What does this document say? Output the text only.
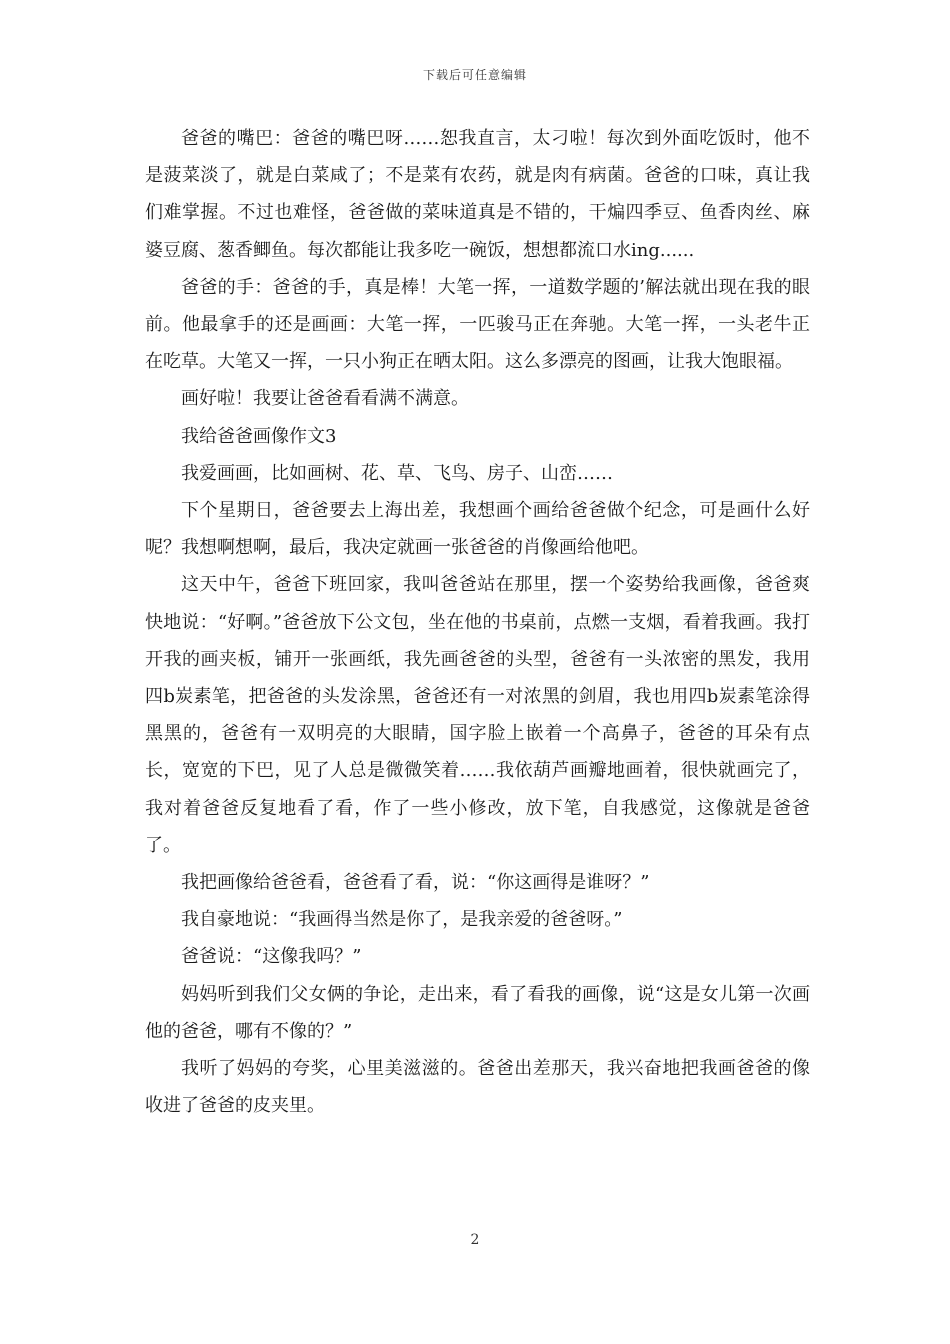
下载后可任意编辑

爸爸的嘴巴：爸爸的嘴巴呀……恕我直言，太刁啦！每次到外面吃饭时，他不是菠菜淡了，就是白菜咸了；不是菜有农药，就是肉有病菌。爸爸的口味，真让我们难掌握。不过也难怪，爸爸做的菜味道真是不错的，干煸四季豆、鱼香肉丝、麻婆豆腐、葱香鲫鱼。每次都能让我多吃一碗饭，想想都流口水ing......

爸爸的手：爸爸的手，真是棒！大笔一挥，一道数学题的’解法就出现在我的眼前。他最拿手的还是画画：大笔一挥，一匹骏马正在奔驰。大笔一挥，一头老牛正在吃草。大笔又一挥，一只小狗正在晒太阳。这么多漂亮的图画，让我大饱眼福。

画好啦！我要让爸爸看看满不满意。

我给爸爸画像作文3

我爱画画，比如画树、花、草、飞鸟、房子、山峦……

下个星期日，爸爸要去上海出差，我想画个画给爸爸做个纪念，可是画什么好呢？我想啊想啊，最后，我决定就画一张爸爸的肖像画给他吧。

这天中午，爸爸下班回家，我叫爸爸站在那里，摆一个姿势给我画像，爸爸爽快地说：“好啊。”爸爸放下公文包，坐在他的书桌前，点燃一支烟，看着我画。我打开我的画夹板，铺开一张画纸，我先画爸爸的头型，爸爸有一头浓密的黑发，我用四b炭素笔，把爸爸的头发涂黑，爸爸还有一对浓黑的剑眉，我也用四b炭素笔涂得黑黑的，爸爸有一双明亮的大眼睛，国字脸上嵌着一个高鼻子，爸爸的耳朵有点长，宽宽的下巴，见了人总是微微笑着……我依葫芦画瓣地画着，很快就画完了，我对着爸爸反复地看了看，作了一些小修改，放下笔，自我感觉，这像就是爸爸了。

我把画像给爸爸看，爸爸看了看，说：“你这画得是谁呀？”

我自豪地说：“我画得当然是你了，是我亲爱的爸爸呀。”

爸爸说：“这像我吗？”

妈妈听到我们父女俩的争论，走出来，看了看我的画像，说“这是女儿第一次画他的爸爸，哪有不像的？”

我听了妈妈的夸奖，心里美滋滋的。爸爸出差那天，我兴奋地把我画爸爸的像收进了爸爸的皮夹里。

2
